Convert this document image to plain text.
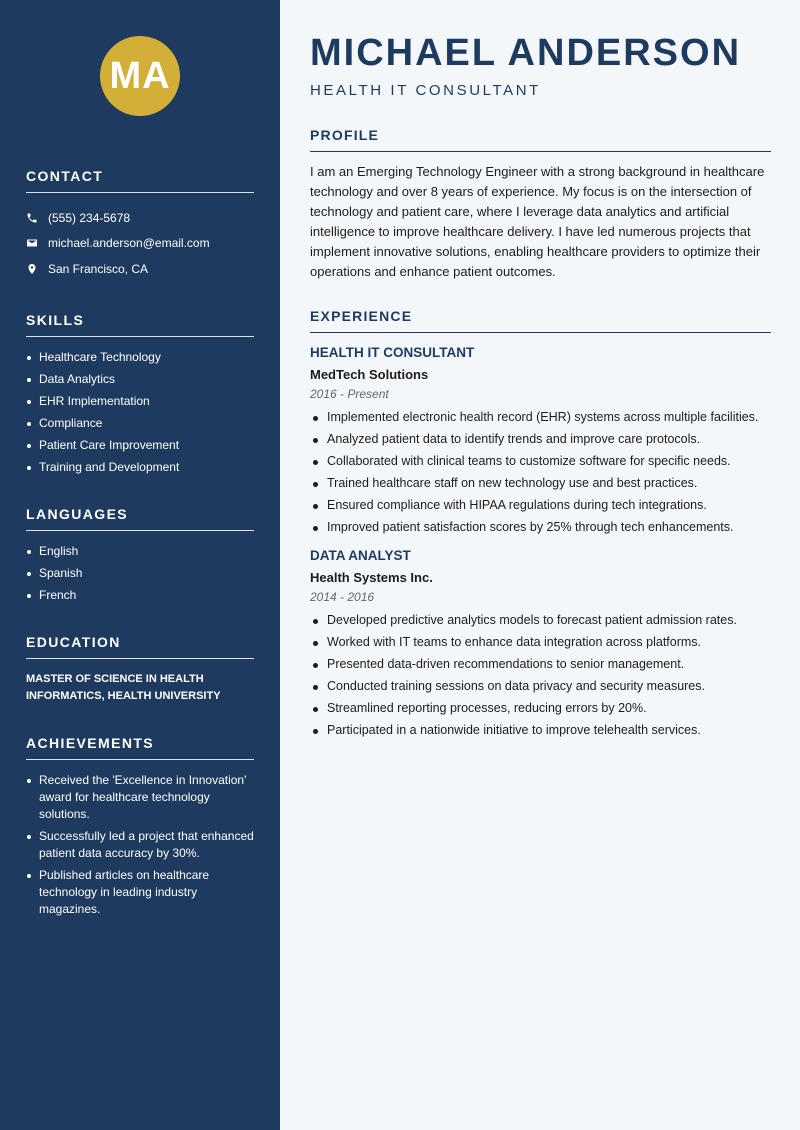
MA
CONTACT
(555) 234-5678
michael.anderson@email.com
San Francisco, CA
SKILLS
Healthcare Technology
Data Analytics
EHR Implementation
Compliance
Patient Care Improvement
Training and Development
LANGUAGES
English
Spanish
French
EDUCATION
MASTER OF SCIENCE IN HEALTH INFORMATICS, HEALTH UNIVERSITY
ACHIEVEMENTS
Received the 'Excellence in Innovation' award for healthcare technology solutions.
Successfully led a project that enhanced patient data accuracy by 30%.
Published articles on healthcare technology in leading industry magazines.
MICHAEL ANDERSON
HEALTH IT CONSULTANT
PROFILE

I am an Emerging Technology Engineer with a strong background in healthcare technology and over 8 years of experience. My focus is on the intersection of technology and patient care, where I leverage data analytics and artificial intelligence to improve healthcare delivery. I have led numerous projects that implement innovative solutions, enabling healthcare providers to optimize their operations and enhance patient outcomes.

EXPERIENCE
HEALTH IT CONSULTANT
MedTech Solutions
2016 - Present
Implemented electronic health record (EHR) systems across multiple facilities.
Analyzed patient data to identify trends and improve care protocols.
Collaborated with clinical teams to customize software for specific needs.
Trained healthcare staff on new technology use and best practices.
Ensured compliance with HIPAA regulations during tech integrations.
Improved patient satisfaction scores by 25% through tech enhancements.
DATA ANALYST
Health Systems Inc.
2014 - 2016
Developed predictive analytics models to forecast patient admission rates.
Worked with IT teams to enhance data integration across platforms.
Presented data-driven recommendations to senior management.
Conducted training sessions on data privacy and security measures.
Streamlined reporting processes, reducing errors by 20%.
Participated in a nationwide initiative to improve telehealth services.
